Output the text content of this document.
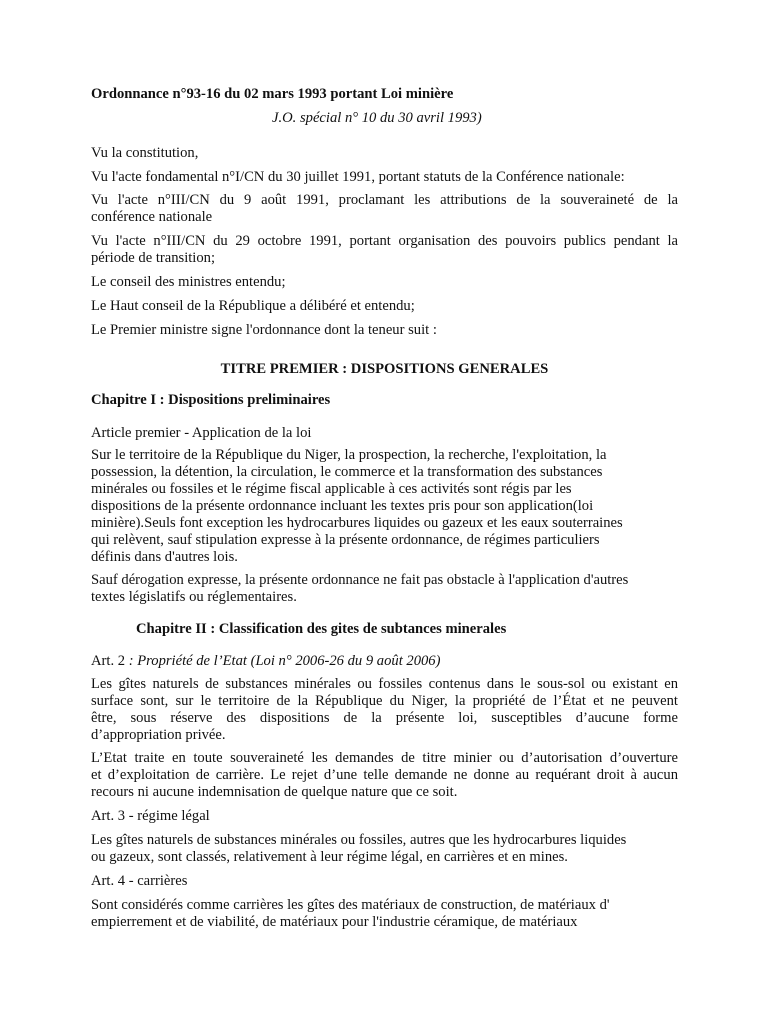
Ordonnance n°93-16 du 02 mars 1993 portant Loi minière

J.O. spécial n° 10 du 30 avril 1993)

Vu la constitution,

Vu l'acte fondamental n°I/CN du 30 juillet 1991, portant statuts de la Conférence nationale:

Vu l'acte n°III/CN du 9 août 1991, proclamant les attributions de la souveraineté de la

conférence nationale

Vu l'acte n°III/CN du 29 octobre 1991, portant organisation des pouvoirs publics pendant la

période de transition;

Le conseil des ministres entendu;

Le Haut conseil de la République a délibéré et entendu;

Le Premier ministre signe l'ordonnance dont la teneur suit :

TITRE PREMIER : DISPOSITIONS GENERALES

Chapitre I : Dispositions preliminaires

Article premier - Application de la loi

Sur le territoire de la République du Niger, la prospection, la recherche, l'exploitation, la

possession, la détention, la circulation, le commerce et la transformation des substances

minérales ou fossiles et le régime fiscal applicable à ces activités sont régis par les

dispositions de la présente ordonnance incluant les textes pris pour son application(loi

minière).Seuls font exception les hydrocarbures liquides ou gazeux et les eaux souterraines

qui relèvent, sauf stipulation expresse à la présente ordonnance, de régimes particuliers

définis dans d'autres lois.

Sauf dérogation expresse, la présente ordonnance ne fait pas obstacle à l'application d'autres

textes législatifs ou réglementaires.

Chapitre II : Classification des gites de subtances minerales

Art. 2 : Propriété de l’Etat (Loi n° 2006-26 du 9 août 2006)

Les gîtes naturels de substances minérales ou fossiles contenus dans le sous-sol ou existant en

surface sont, sur le territoire de la République du Niger, la propriété de l’État et ne peuvent

être, sous réserve des dispositions de la présente loi, susceptibles d’aucune forme

d’appropriation privée.

L’Etat traite en toute souveraineté les demandes de titre minier ou d’autorisation d’ouverture

et d’exploitation de carrière. Le rejet d’une telle demande ne donne au requérant droit à aucun

recours ni aucune indemnisation de quelque nature que ce soit.

Art. 3 - régime légal

Les gîtes naturels de substances minérales ou fossiles, autres que les hydrocarbures liquides

ou gazeux, sont classés, relativement à leur régime légal, en carrières et en mines.

Art. 4 - carrières

Sont considérés comme carrières les gîtes des matériaux de construction, de matériaux d'

empierrement et de viabilité, de matériaux pour l'industrie céramique, de matériaux
